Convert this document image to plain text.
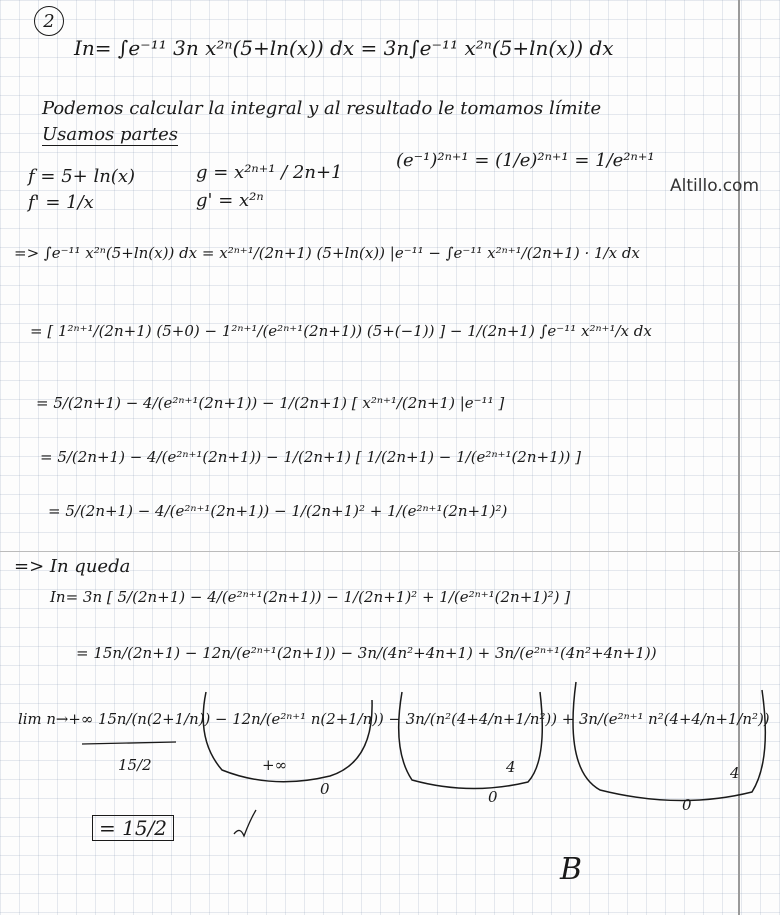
Altillo.com
2
In= ∫e⁻¹¹ 3n x²ⁿ(5+ln(x)) dx = 3n∫e⁻¹¹ x²ⁿ(5+ln(x)) dx
Podemos calcular la integral y al resultado le tomamos límite
Usamos partes
f = 5+ ln(x)
f' = 1/x
g = x²ⁿ⁺¹ / 2n+1
g' = x²ⁿ
(e⁻¹)²ⁿ⁺¹ = (1/e)²ⁿ⁺¹ = 1/e²ⁿ⁺¹
=> ∫e⁻¹¹ x²ⁿ(5+ln(x)) dx = x²ⁿ⁺¹/(2n+1) (5+ln(x)) |e⁻¹¹ − ∫e⁻¹¹ x²ⁿ⁺¹/(2n+1) · 1/x dx
= [ 1²ⁿ⁺¹/(2n+1) (5+0) − 1²ⁿ⁺¹/(e²ⁿ⁺¹(2n+1)) (5+(−1)) ] − 1/(2n+1) ∫e⁻¹¹ x²ⁿ⁺¹/x dx
= 5/(2n+1) − 4/(e²ⁿ⁺¹(2n+1)) − 1/(2n+1) [ x²ⁿ⁺¹/(2n+1) |e⁻¹¹ ]
= 5/(2n+1) − 4/(e²ⁿ⁺¹(2n+1)) − 1/(2n+1) [ 1/(2n+1) − 1/(e²ⁿ⁺¹(2n+1)) ]
= 5/(2n+1) − 4/(e²ⁿ⁺¹(2n+1)) − 1/(2n+1)² + 1/(e²ⁿ⁺¹(2n+1)²)
=> In queda
In= 3n [ 5/(2n+1) − 4/(e²ⁿ⁺¹(2n+1)) − 1/(2n+1)² + 1/(e²ⁿ⁺¹(2n+1)²) ]
= 15n/(2n+1) − 12n/(e²ⁿ⁺¹(2n+1)) − 3n/(4n²+4n+1) + 3n/(e²ⁿ⁺¹(4n²+4n+1))
lim n→+∞ 15n/(n(2+1/n)) − 12n/(e²ⁿ⁺¹ n(2+1/n)) − 3n/(n²(4+4/n+1/n²)) + 3n/(e²ⁿ⁺¹ n²(4+4/n+1/n²))
15/2	+∞
0	0	0
4	4
= 15/2
B
